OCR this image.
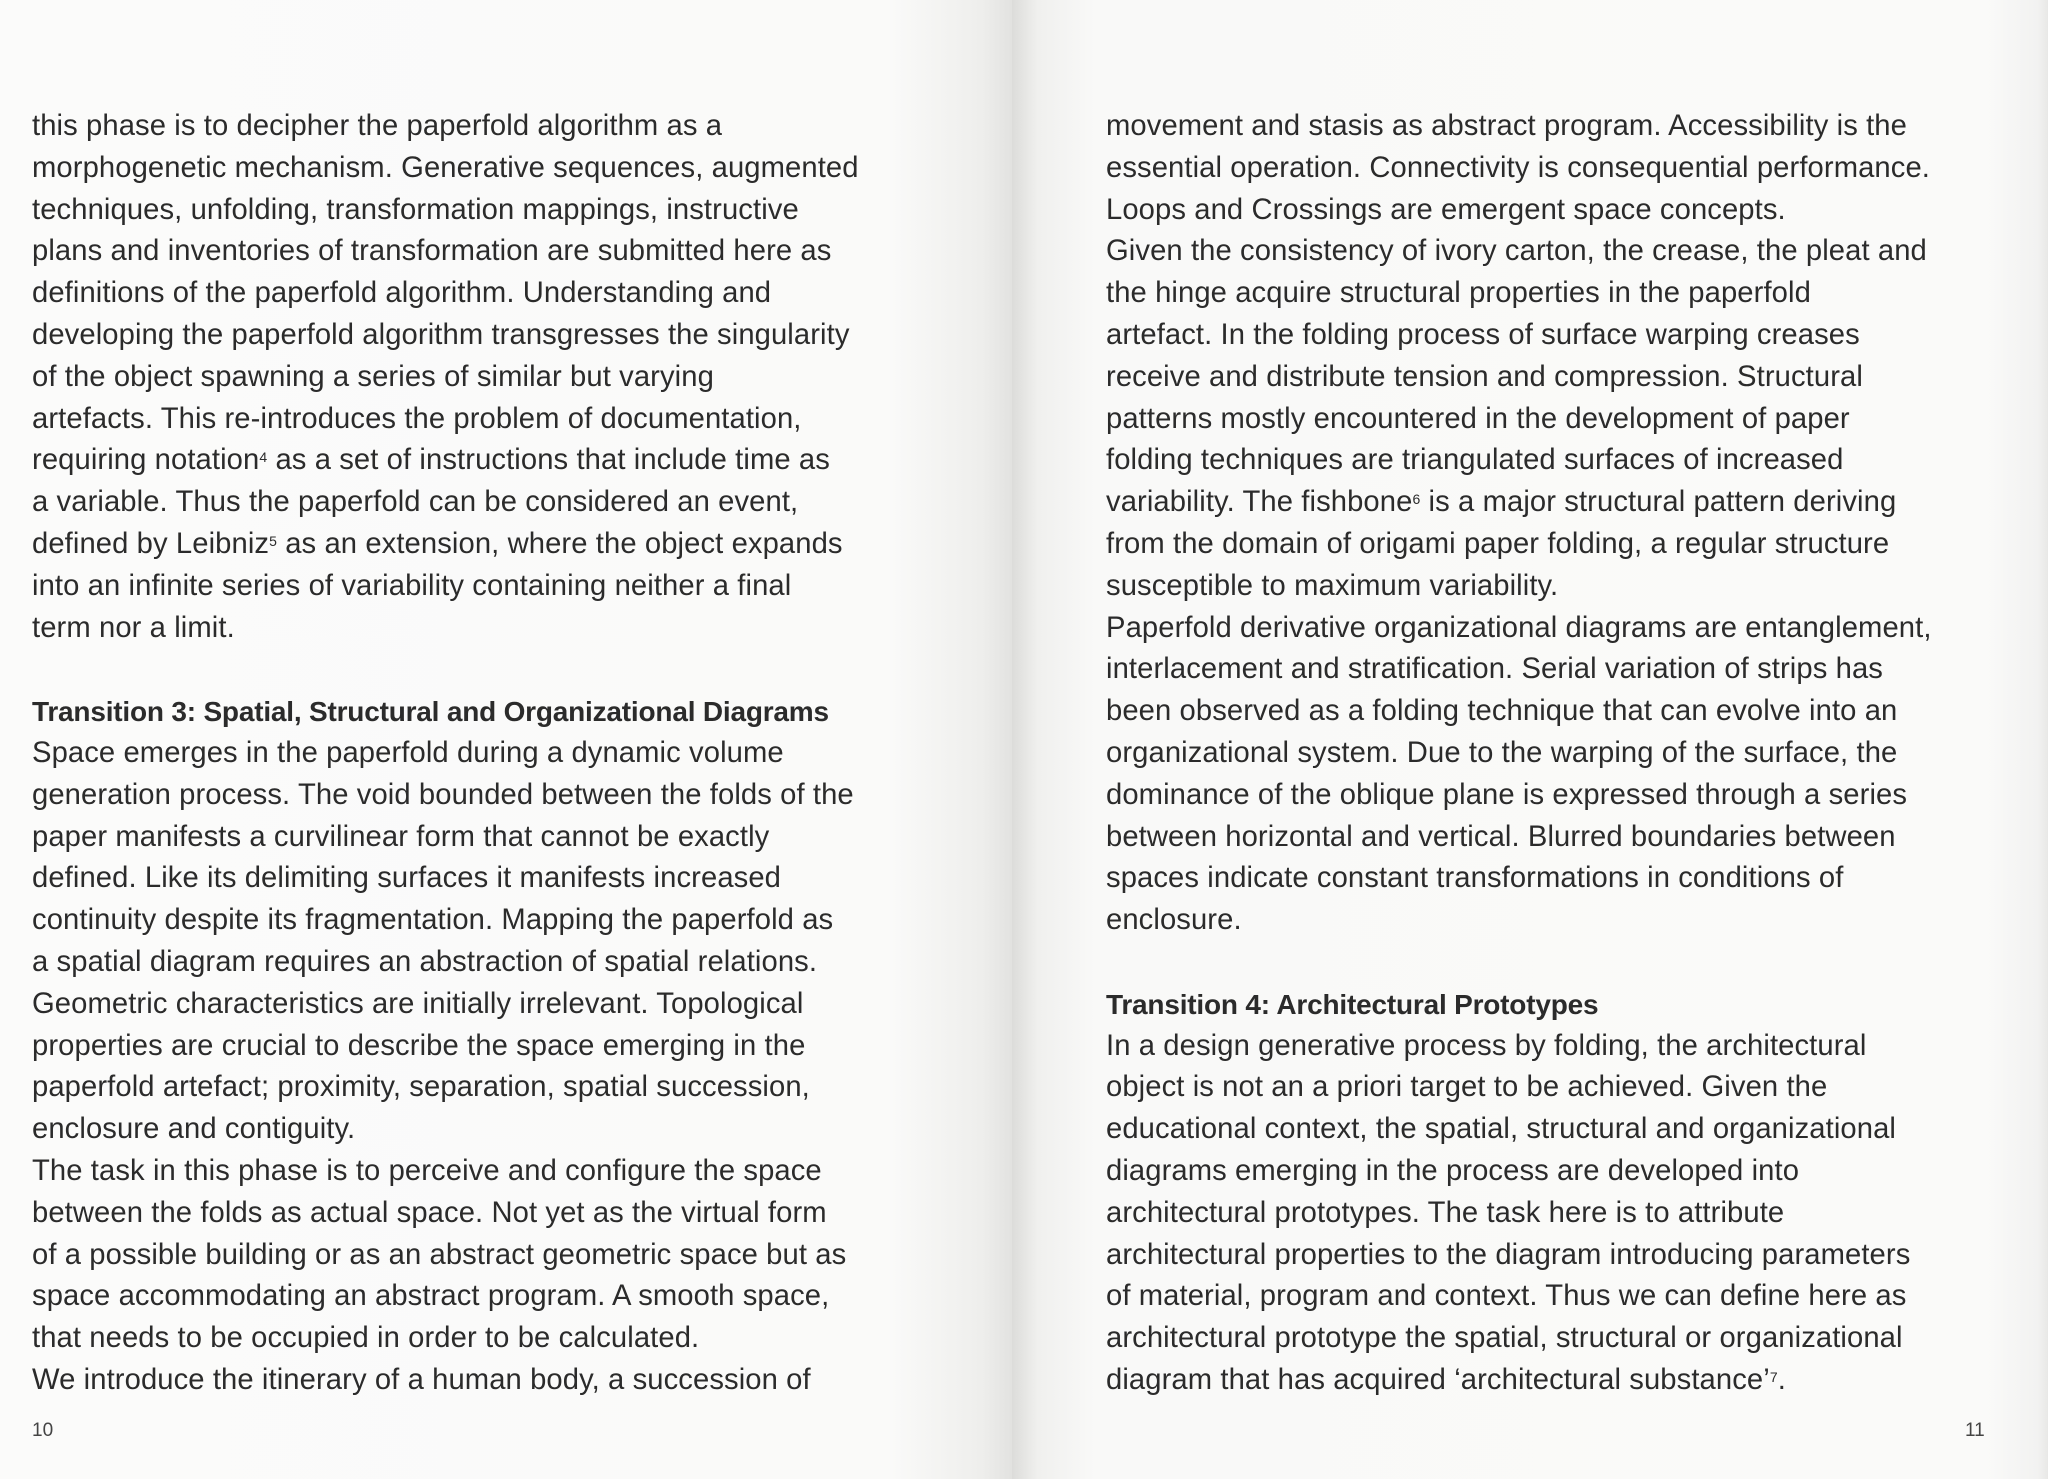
this phase is to decipher the paperfold algorithm as a
morphogenetic mechanism. Generative sequences, augmented
techniques, unfolding, transformation mappings, instructive
plans and inventories of transformation are submitted here as
definitions of the paperfold algorithm. Understanding and
developing the paperfold algorithm transgresses the singularity
of the object spawning a series of similar but varying
artefacts. This re-introduces the problem of documentation,
requiring notation$^4$ as a set of instructions that include time as
a variable. Thus the paperfold can be considered an event,
defined by Leibniz$^5$ as an extension, where the object expands
into an infinite series of variability containing neither a final
term nor a limit.
Transition 3: Spatial, Structural and Organizational Diagrams
Space emerges in the paperfold during a dynamic volume
generation process. The void bounded between the folds of the
paper manifests a curvilinear form that cannot be exactly
defined. Like its delimiting surfaces it manifests increased
continuity despite its fragmentation. Mapping the paperfold as
a spatial diagram requires an abstraction of spatial relations.
Geometric characteristics are initially irrelevant. Topological
properties are crucial to describe the space emerging in the
paperfold artefact; proximity, separation, spatial succession,
enclosure and contiguity.
The task in this phase is to perceive and configure the space
between the folds as actual space. Not yet as the virtual form
of a possible building or as an abstract geometric space but as
space accommodating an abstract program. A smooth space,
that needs to be occupied in order to be calculated.
We introduce the itinerary of a human body, a succession of
10
movement and stasis as abstract program. Accessibility is the
essential operation. Connectivity is consequential performance.
Loops and Crossings are emergent space concepts.
Given the consistency of ivory carton, the crease, the pleat and
the hinge acquire structural properties in the paperfold
artefact. In the folding process of surface warping creases
receive and distribute tension and compression. Structural
patterns mostly encountered in the development of paper
folding techniques are triangulated surfaces of increased
variability. The fishbone$^6$ is a major structural pattern deriving
from the domain of origami paper folding, a regular structure
susceptible to maximum variability.
Paperfold derivative organizational diagrams are entanglement,
interlacement and stratification. Serial variation of strips has
been observed as a folding technique that can evolve into an
organizational system. Due to the warping of the surface, the
dominance of the oblique plane is expressed through a series
between horizontal and vertical. Blurred boundaries between
spaces indicate constant transformations in conditions of
enclosure.
Transition 4: Architectural Prototypes
In a design generative process by folding, the architectural
object is not an a priori target to be achieved. Given the
educational context, the spatial, structural and organizational
diagrams emerging in the process are developed into
architectural prototypes. The task here is to attribute
architectural properties to the diagram introducing parameters
of material, program and context. Thus we can define here as
architectural prototype the spatial, structural or organizational
diagram that has acquired ‘architectural substance’$^7$.
11
